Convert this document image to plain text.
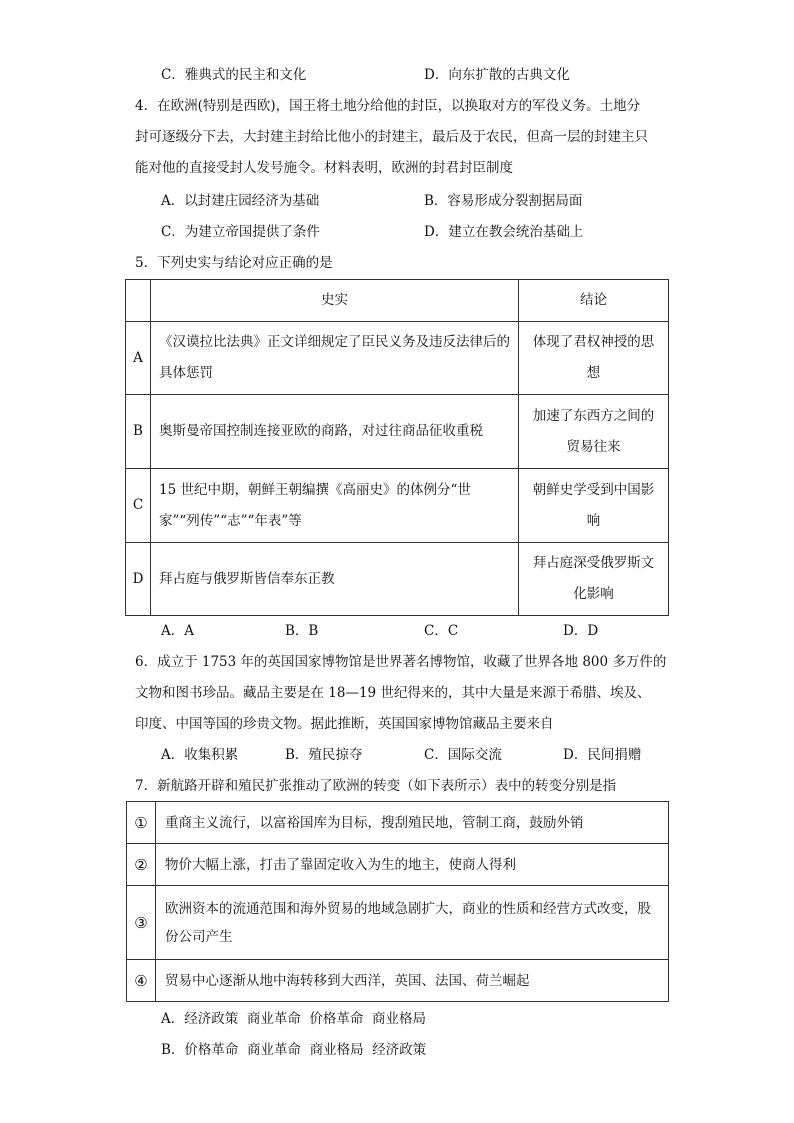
C．雅典式的民主和文化	D．向东扩散的古典文化
4．在欧洲(特别是西欧)，国王将土地分给他的封臣，以换取对方的军役义务。土地分
封可逐级分下去，大封建主封给比他小的封建主，最后及于农民，但高一层的封建主只
能对他的直接受封人发号施令。材料表明，欧洲的封君封臣制度
A．以封建庄园经济为基础	B．容易形成分裂割据局面
C．为建立帝国提供了条件	D．建立在教会统治基础上
5．下列史实与结论对应正确的是
	史实	结论
A	《汉谟拉比法典》正文详细规定了臣民义务及违反法律后的具体惩罚	体现了君权神授的思想
B	奥斯曼帝国控制连接亚欧的商路，对过往商品征收重税	加速了东西方之间的贸易往来
C	15 世纪中期，朝鲜王朝编撰《高丽史》的体例分“世家”“列传”“志”“年表”等	朝鲜史学受到中国影响
D	拜占庭与俄罗斯皆信奉东正教	拜占庭深受俄罗斯文化影响
A．A	B．B	C．C	D．D
6．成立于 1753 年的英国国家博物馆是世界著名博物馆，收藏了世界各地 800 多万件的
文物和图书珍品。藏品主要是在 18—19 世纪得来的，其中大量是来源于希腊、埃及、
印度、中国等国的珍贵文物。据此推断，英国国家博物馆藏品主要来自
A．收集积累	B．殖民掠夺	C．国际交流	D．民间捐赠
7．新航路开辟和殖民扩张推动了欧洲的转变（如下表所示）表中的转变分别是指
①	重商主义流行，以富裕国库为目标，搜刮殖民地，管制工商，鼓励外销
②	物价大幅上涨，打击了靠固定收入为生的地主，使商人得利
③	欧洲资本的流通范围和海外贸易的地域急剧扩大，商业的性质和经营方式改变，股份公司产生
④	贸易中心逐渐从地中海转移到大西洋，英国、法国、荷兰崛起
A．经济政策  商业革命  价格革命  商业格局
B．价格革命  商业革命  商业格局  经济政策
